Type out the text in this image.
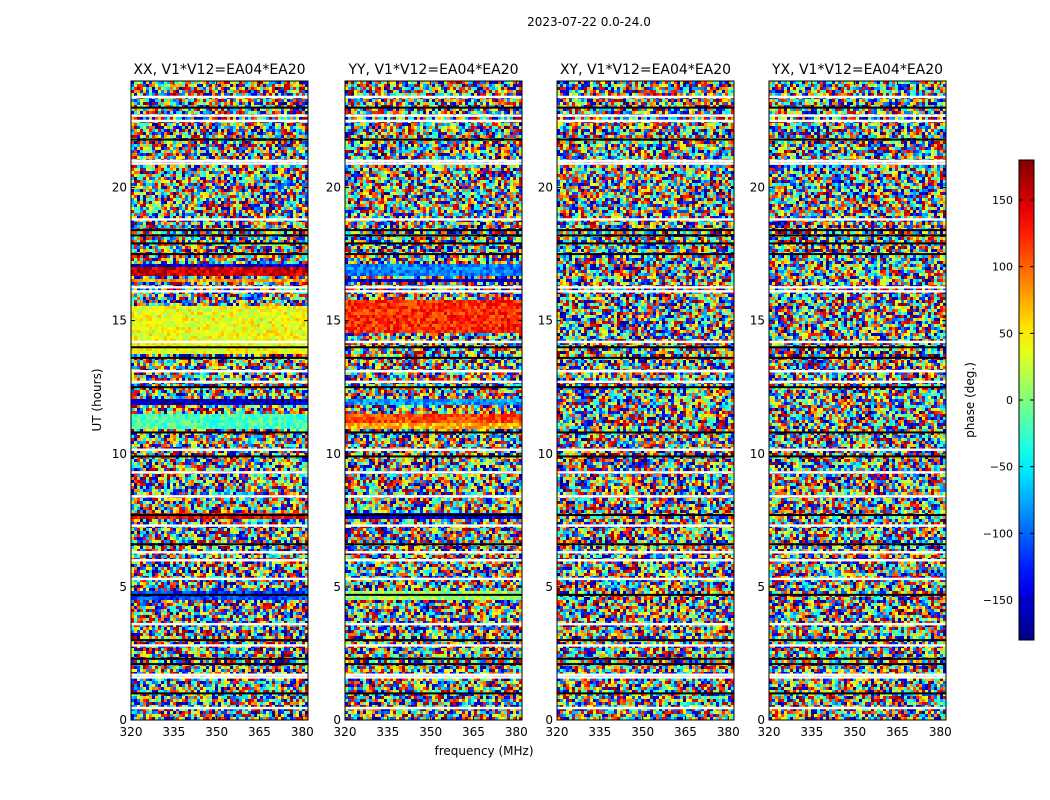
2023-07-22 0.0-24.0
320 335 350 365 380
0
5
10
15
20
XX, V1*V12=EA04*EA20
320 335 350 365 380
0
5
10
15
20
YY, V1*V12=EA04*EA20
320 335 350 365 380
0
5
10
15
20
XY, V1*V12=EA04*EA20
320 335 350 365 380
0
5
10
15
20
YX, V1*V12=EA04*EA20
frequency (MHz)
UT (hours)
150
100
50
0
−50
−100
−150
phase (deg.)
